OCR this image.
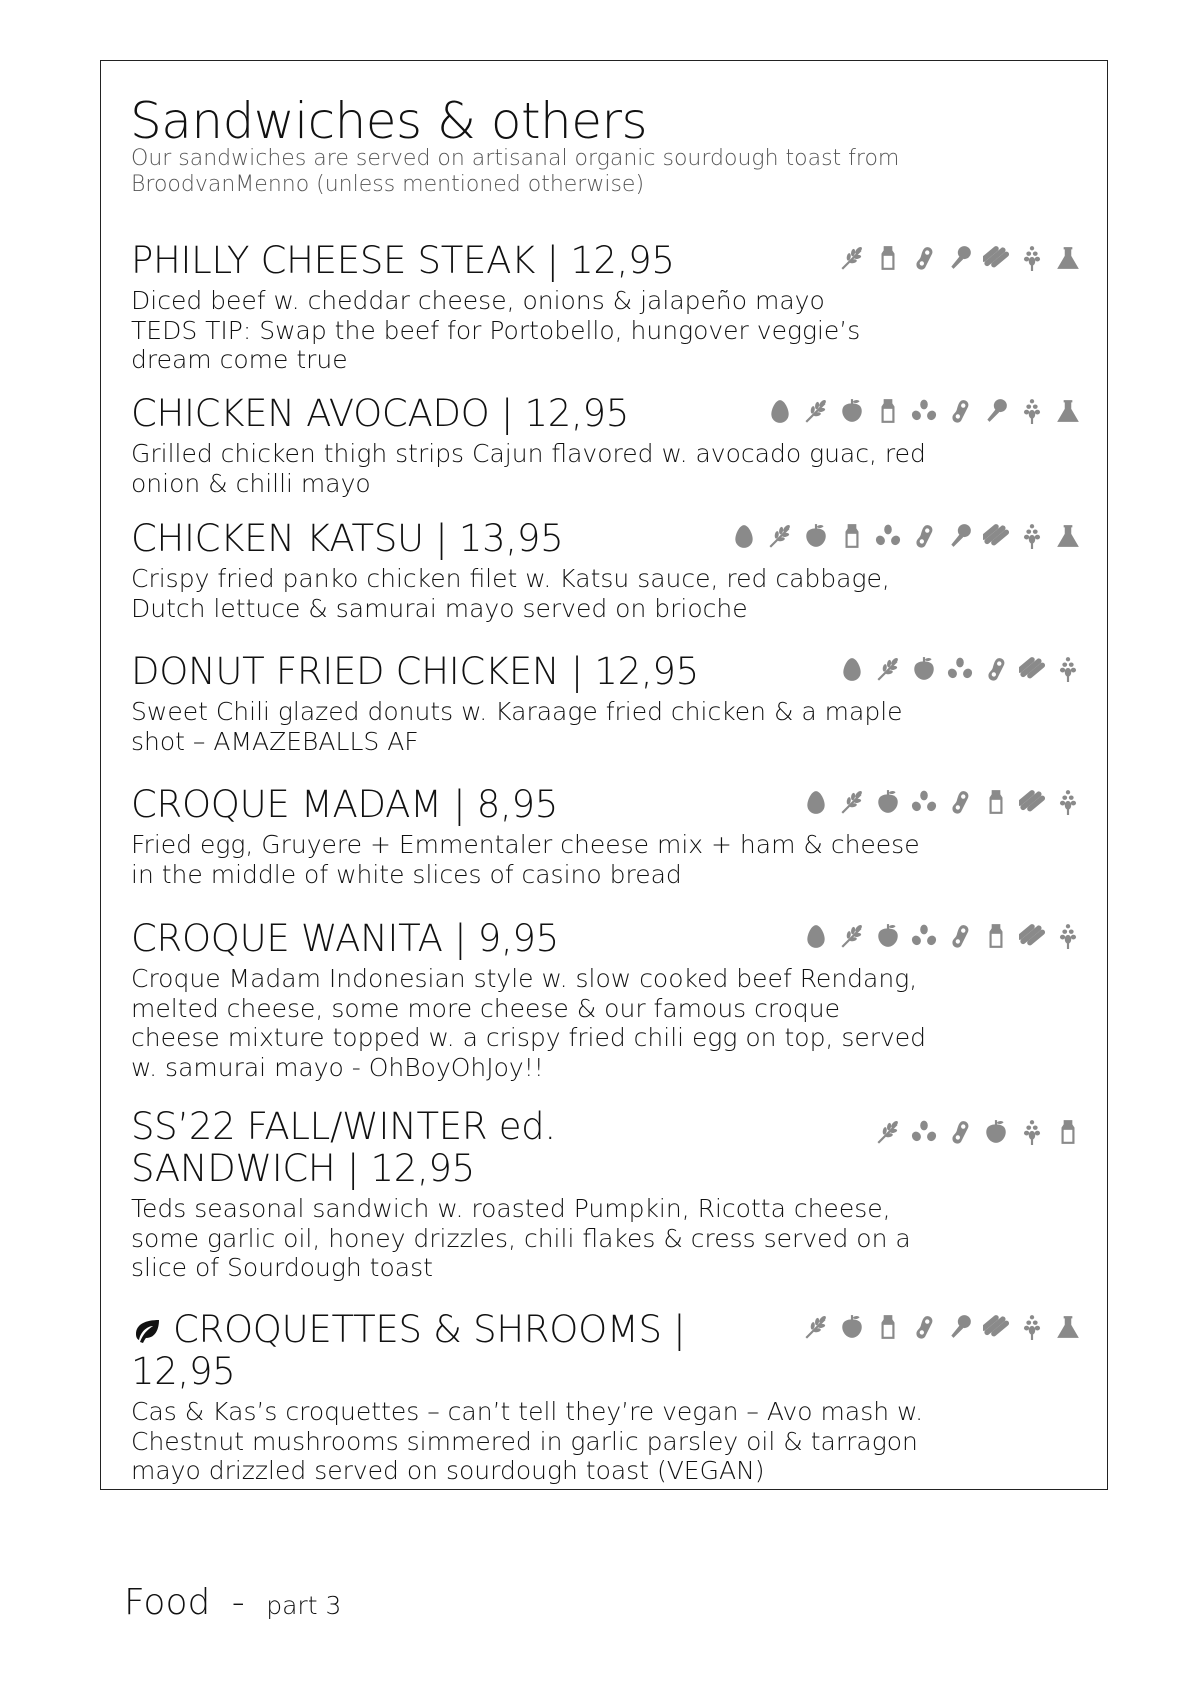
Sandwiches & others
Our sandwiches are served on artisanal organic sourdough toast from BroodvanMenno (unless mentioned otherwise)
PHILLY CHEESE STEAK | 12,95

Diced beef w. cheddar cheese, onions & jalapeño mayo
TEDS TIP: Swap the beef for Portobello, hungover veggie’s dream come true

CHICKEN AVOCADO | 12,95

Grilled chicken thigh strips Cajun flavored w. avocado guac, red onion & chilli mayo

CHICKEN KATSU | 13,95

Crispy fried panko chicken filet w. Katsu sauce, red cabbage, Dutch lettuce & samurai mayo served on brioche

DONUT FRIED CHICKEN | 12,95

Sweet Chili glazed donuts w. Karaage fried chicken & a maple shot – AMAZEBALLS AF

CROQUE MADAM | 8,95

Fried egg, Gruyere + Emmentaler cheese mix + ham & cheese in the middle of white slices of casino bread

CROQUE WANITA | 9,95

Croque Madam Indonesian style w. slow cooked beef Rendang, melted cheese, some more cheese & our famous croque cheese mixture topped w. a crispy fried chili egg on top, served w. samurai mayo - OhBoyOhJoy!!

SS’22 FALL/WINTER ed. SANDWICH | 12,95

Teds seasonal sandwich w. roasted Pumpkin, Ricotta cheese, some garlic oil, honey drizzles, chili flakes & cress served on a slice of Sourdough toast

CROQUETTES & SHROOMS | 12,95

Cas & Kas’s croquettes – can’t tell they’re vegan – Avo mash w. Chestnut mushrooms simmered in garlic parsley oil & tarragon mayo drizzled served on sourdough toast (VEGAN)

Food - part 3
